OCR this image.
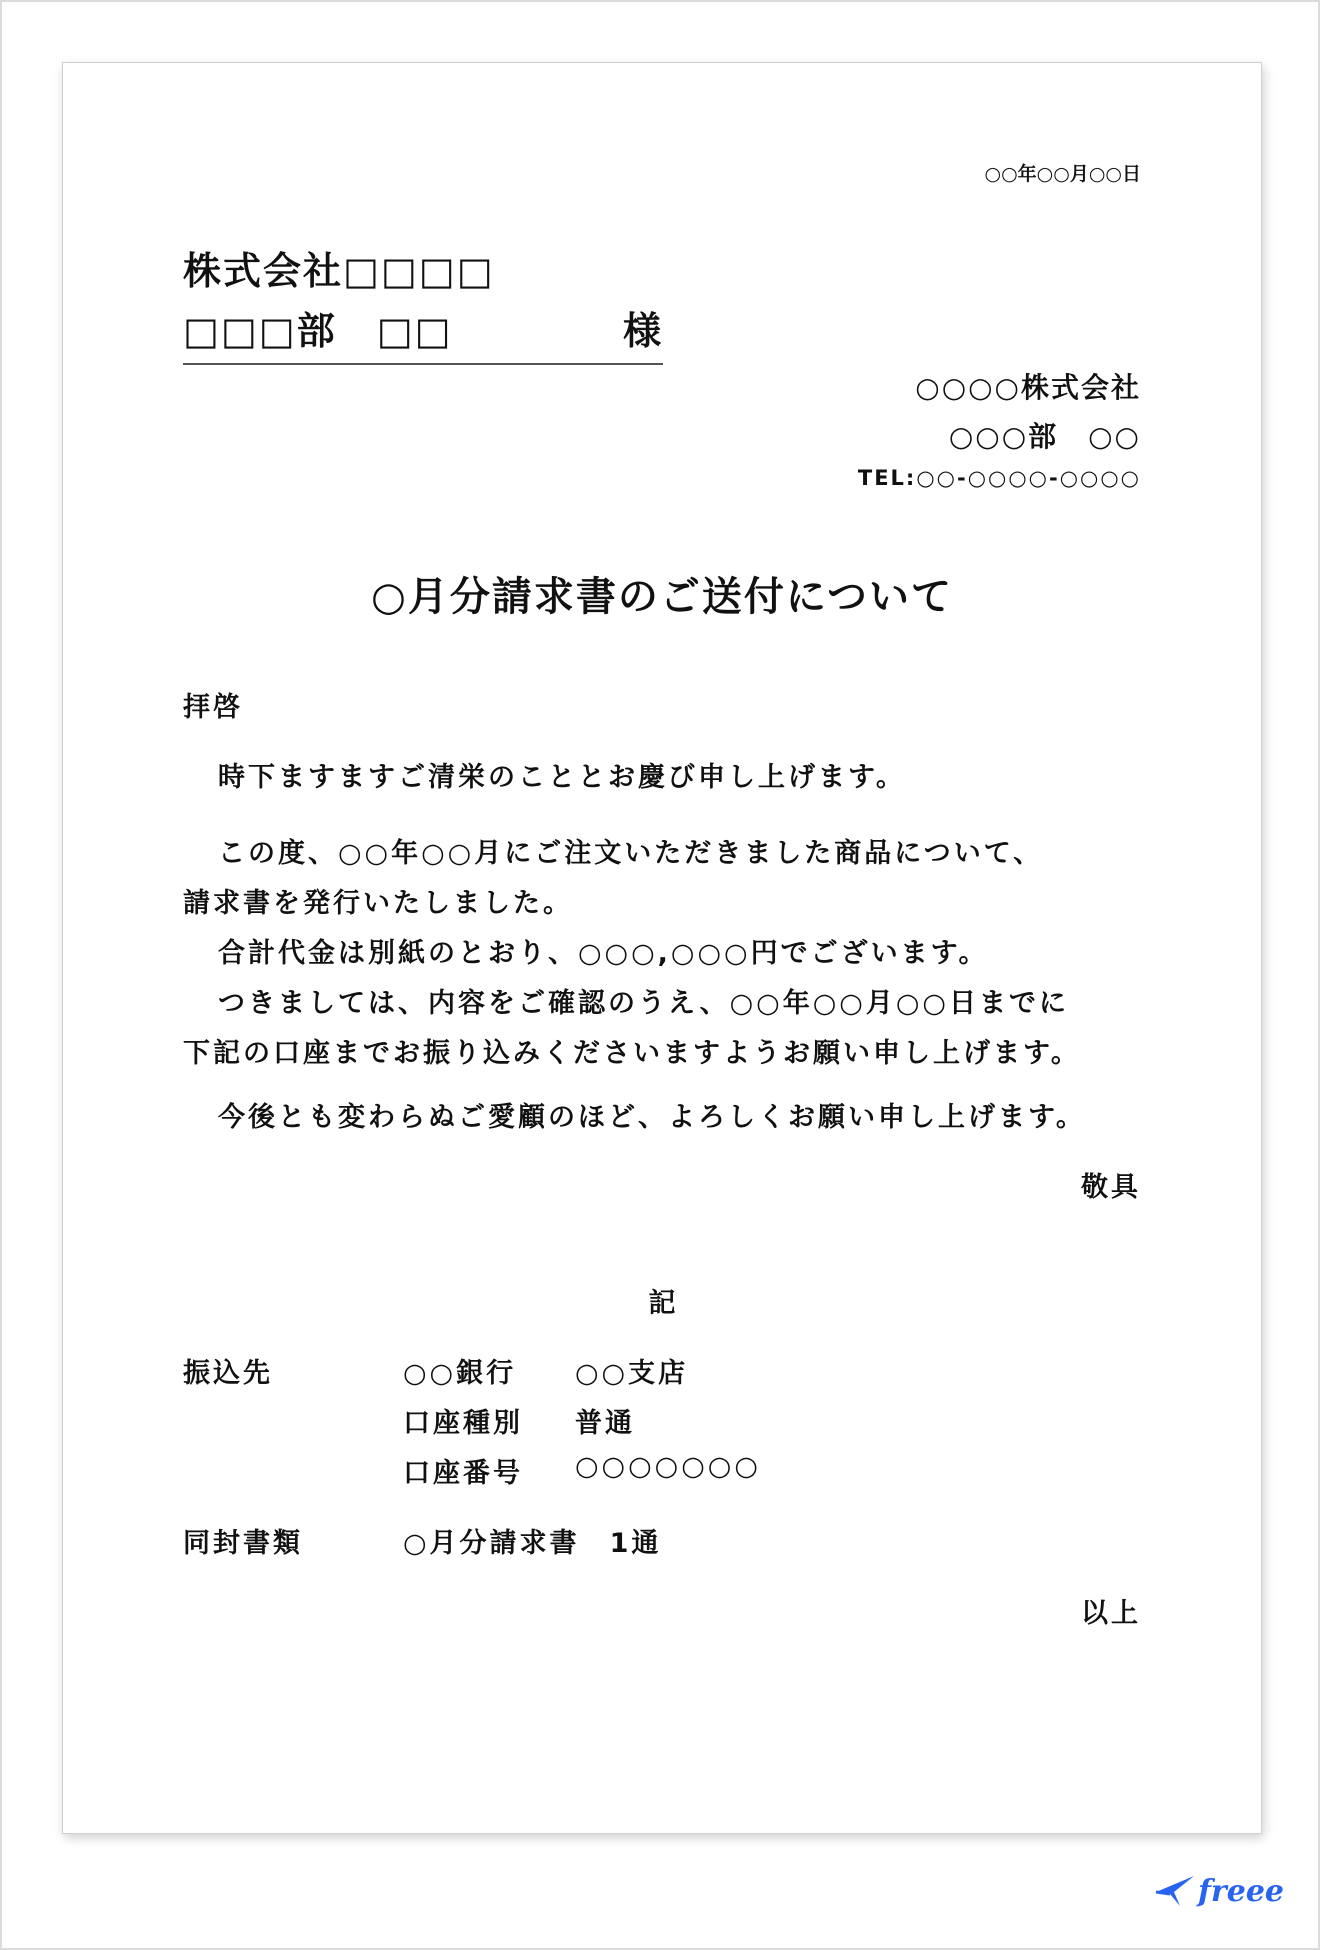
○○年○○月○○日
株式会社□□□□
□□□部　□□	様
○○○○株式会社
○○○部　○○
TEL:○○-○○○○-○○○○
○月分請求書のご送付について
拝啓
時下ますますご清栄のこととお慶び申し上げます。
この度、○○年○○月にご注文いただきました商品について、
請求書を発行いたしました。
合計代金は別紙のとおり、○○○,○○○円でございます。
つきましては、内容をご確認のうえ、○○年○○月○○日までに
下記の口座までお振り込みくださいますようお願い申し上げます。
今後とも変わらぬご愛顧のほど、よろしくお願い申し上げます。
敬具
記
振込先	○○銀行 ○○支店
口座種別 普通
口座番号 ○○○○○○○
同封書類	○月分請求書　 1通
以上
freee
